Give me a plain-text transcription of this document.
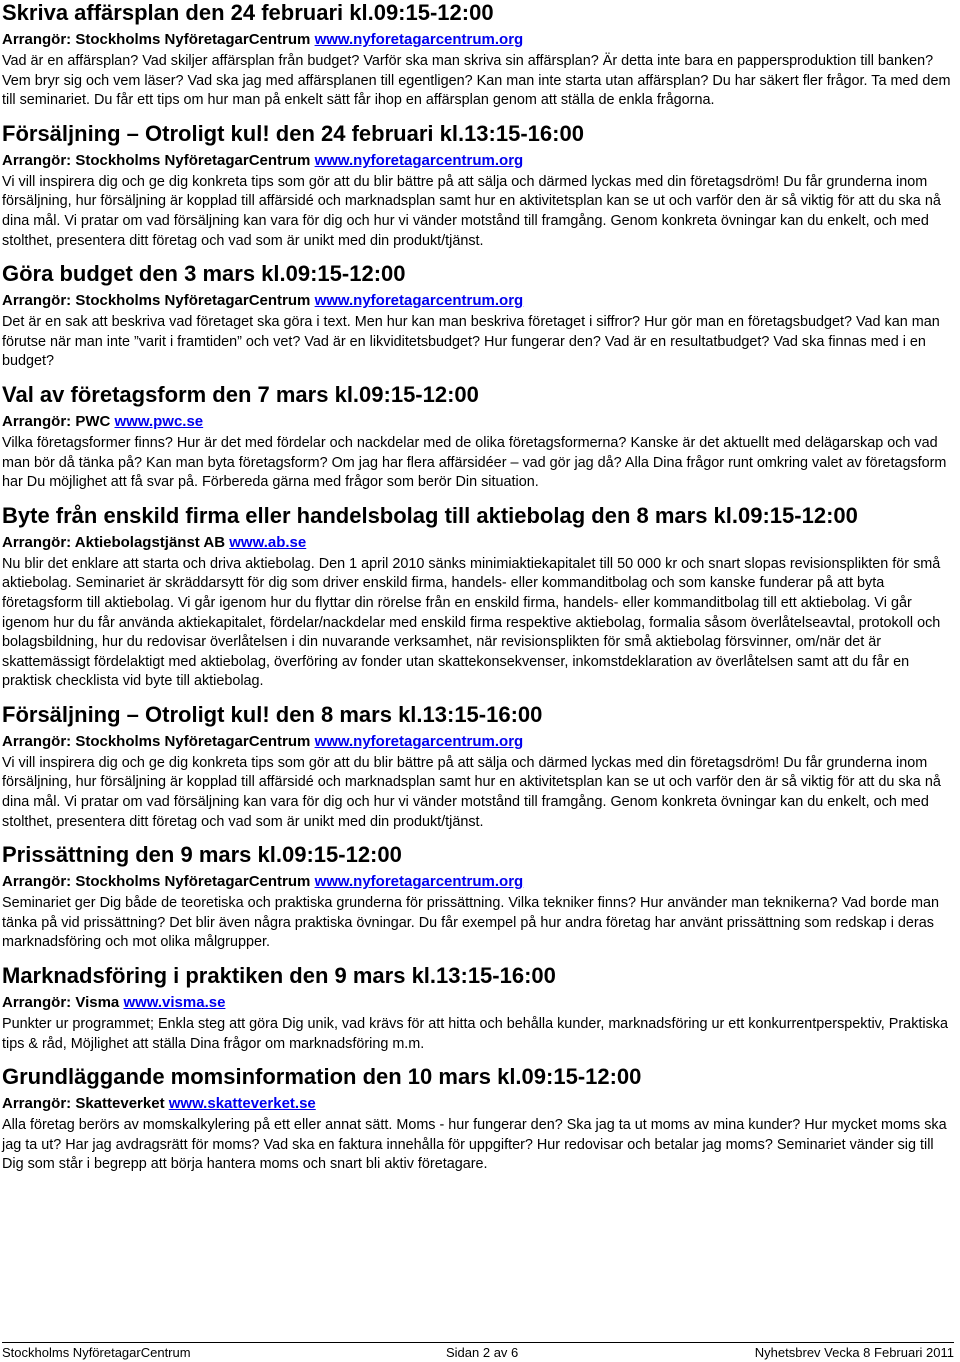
Skriva affärsplan den 24 februari kl.09:15-12:00
Arrangör: Stockholms NyföretagarCentrum www.nyforetagarcentrum.org
Vad är en affärsplan? Vad skiljer affärsplan från budget? Varför ska man skriva sin affärsplan? Är detta inte bara en pappersproduktion till banken? Vem bryr sig och vem läser? Vad ska jag med affärsplanen till egentligen? Kan man inte starta utan affärsplan? Du har säkert fler frågor. Ta med dem till seminariet. Du får ett tips om hur man på enkelt sätt får ihop en affärsplan genom att ställa de enkla frågorna.
Försäljning – Otroligt kul! den 24 februari kl.13:15-16:00
Arrangör: Stockholms NyföretagarCentrum www.nyforetagarcentrum.org
Vi vill inspirera dig och ge dig konkreta tips som gör att du blir bättre på att sälja och därmed lyckas med din företagsdröm! Du får grunderna inom försäljning, hur försäljning är kopplad till affärsidé och marknadsplan samt hur en aktivitetsplan kan se ut och varför den är så viktig för att du ska nå dina mål. Vi pratar om vad försäljning kan vara för dig och hur vi vänder motstånd till framgång. Genom konkreta övningar kan du enkelt, och med stolthet, presentera ditt företag och vad som är unikt med din produkt/tjänst.
Göra budget den 3 mars kl.09:15-12:00
Arrangör: Stockholms NyföretagarCentrum www.nyforetagarcentrum.org
Det är en sak att beskriva vad företaget ska göra i text. Men hur kan man beskriva företaget i siffror? Hur gör man en företagsbudget? Vad kan man förutse när man inte ”varit i framtiden” och vet? Vad är en likviditetsbudget? Hur fungerar den? Vad är en resultatbudget? Vad ska finnas med i en budget?
Val av företagsform den 7 mars kl.09:15-12:00
Arrangör: PWC www.pwc.se
Vilka företagsformer finns? Hur är det med fördelar och nackdelar med de olika företagsformerna? Kanske är det aktuellt med delägarskap och vad man bör då tänka på? Kan man byta företagsform? Om jag har flera affärsidéer – vad gör jag då? Alla Dina frågor runt omkring valet av företagsform har Du möjlighet att få svar på. Förbereda gärna med frågor som berör Din situation.
Byte från enskild firma eller handelsbolag till aktiebolag den 8 mars kl.09:15-12:00
Arrangör: Aktiebolagstjänst AB www.ab.se
Nu blir det enklare att starta och driva aktiebolag. Den 1 april 2010 sänks minimiaktiekapitalet till 50 000 kr och snart slopas revisionsplikten för små aktiebolag. Seminariet är skräddarsytt för dig som driver enskild firma, handels- eller kommanditbolag och som kanske funderar på att byta företagsform till aktiebolag. Vi går igenom hur du flyttar din rörelse från en enskild firma, handels- eller kommanditbolag till ett aktiebolag. Vi går igenom hur du får använda aktiekapitalet, fördelar/nackdelar med enskild firma respektive aktiebolag, formalia såsom överlåtelseavtal, protokoll och bolagsbildning, hur du redovisar överlåtelsen i din nuvarande verksamhet, när revisionsplikten för små aktiebolag försvinner, om/när det är skattemässigt fördelaktigt med aktiebolag, överföring av fonder utan skattekonsekvenser, inkomstdeklaration av överlåtelsen samt att du får en praktisk checklista vid byte till aktiebolag.
Försäljning – Otroligt kul! den 8 mars kl.13:15-16:00
Arrangör: Stockholms NyföretagarCentrum www.nyforetagarcentrum.org
Vi vill inspirera dig och ge dig konkreta tips som gör att du blir bättre på att sälja och därmed lyckas med din företagsdröm! Du får grunderna inom försäljning, hur försäljning är kopplad till affärsidé och marknadsplan samt hur en aktivitetsplan kan se ut och varför den är så viktig för att du ska nå dina mål. Vi pratar om vad försäljning kan vara för dig och hur vi vänder motstånd till framgång. Genom konkreta övningar kan du enkelt, och med stolthet, presentera ditt företag och vad som är unikt med din produkt/tjänst.
Prissättning den 9 mars kl.09:15-12:00
Arrangör: Stockholms NyföretagarCentrum www.nyforetagarcentrum.org
Seminariet ger Dig både de teoretiska och praktiska grunderna för prissättning. Vilka tekniker finns? Hur använder man teknikerna? Vad borde man tänka på vid prissättning? Det blir även några praktiska övningar. Du får exempel på hur andra företag har använt prissättning som redskap i deras marknadsföring och mot olika målgrupper.
Marknadsföring i praktiken den 9 mars kl.13:15-16:00
Arrangör: Visma www.visma.se
Punkter ur programmet; Enkla steg att göra Dig unik, vad krävs för att hitta och behålla kunder, marknadsföring ur ett konkurrentperspektiv, Praktiska tips & råd, Möjlighet att ställa Dina frågor om marknadsföring m.m.
Grundläggande momsinformation den 10 mars kl.09:15-12:00
Arrangör: Skatteverket www.skatteverket.se
Alla företag berörs av momskalkylering på ett eller annat sätt. Moms - hur fungerar den? Ska jag ta ut moms av mina kunder? Hur mycket moms ska jag ta ut? Har jag avdragsrätt för moms? Vad ska en faktura innehålla för uppgifter? Hur redovisar och betalar jag moms? Seminariet vänder sig till Dig som står i begrepp att börja hantera moms och snart bli aktiv företagare.
Stockholms NyföretagarCentrum	Sidan 2 av 6	Nyhetsbrev Vecka 8 Februari 2011
